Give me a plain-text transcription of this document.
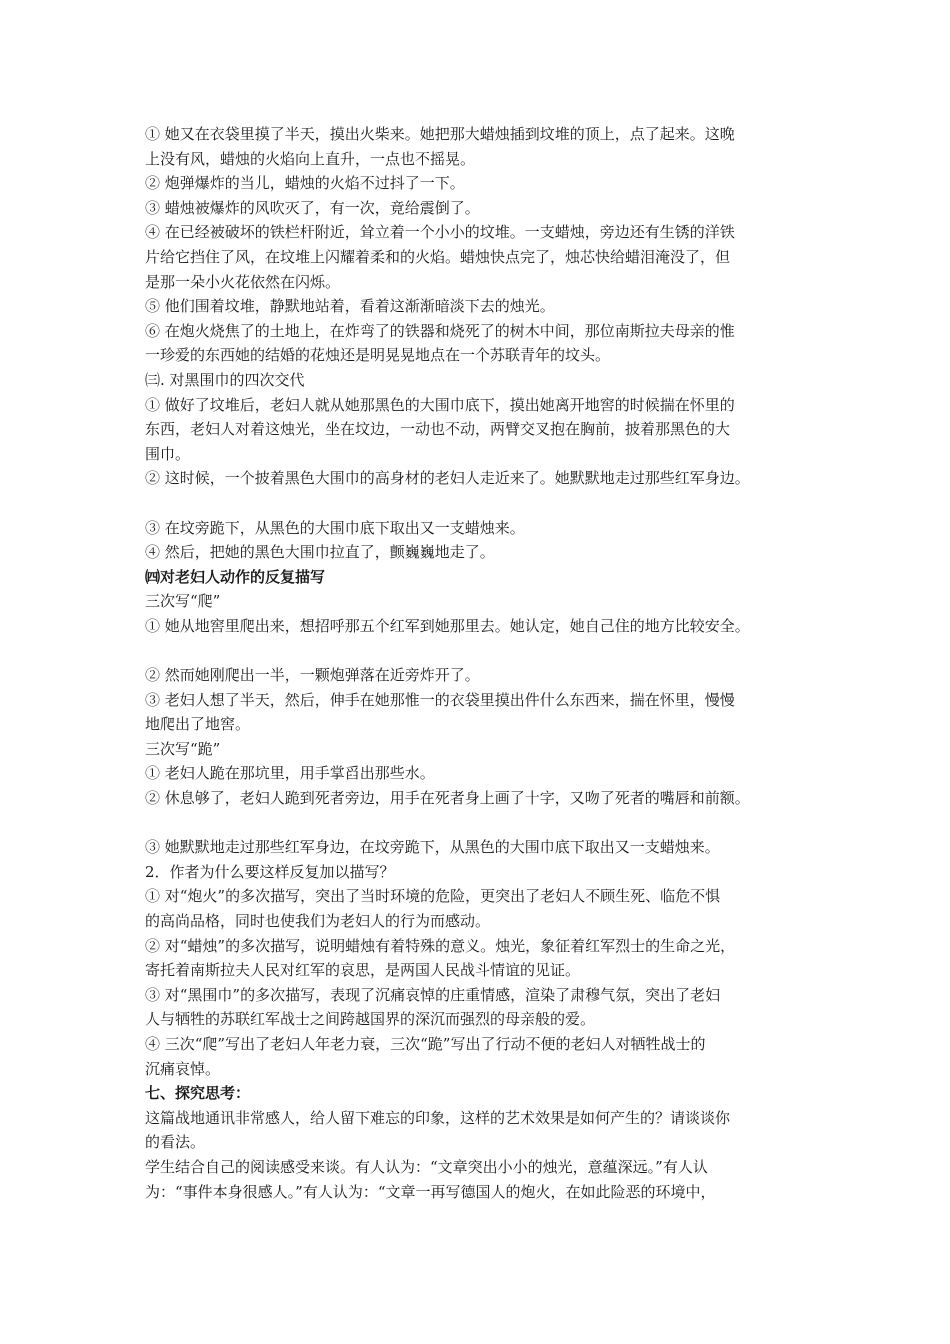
① 她又在衣袋里摸了半天，摸出火柴来。她把那大蜡烛插到坟堆的顶上，点了起来。这晚
上没有风，蜡烛的火焰向上直升，一点也不摇晃。
② 炮弹爆炸的当儿，蜡烛的火焰不过抖了一下。
③ 蜡烛被爆炸的风吹灭了，有一次，竟给震倒了。
④ 在已经被破坏的铁栏杆附近，耸立着一个小小的坟堆。一支蜡烛，旁边还有生锈的洋铁
片给它挡住了风，在坟堆上闪耀着柔和的火焰。蜡烛快点完了，烛芯快给蜡泪淹没了，但
是那一朵小火花依然在闪烁。
⑤ 他们围着坟堆，静默地站着，看着这渐渐暗淡下去的烛光。
⑥ 在炮火烧焦了的土地上，在炸弯了的铁器和烧死了的树木中间，那位南斯拉夫母亲的惟
一珍爱的东西她的结婚的花烛还是明晃晃地点在一个苏联青年的坟头。
㈢. 对黑围巾的四次交代
① 做好了坟堆后，老妇人就从她那黑色的大围巾底下，摸出她离开地窖的时候揣在怀里的
东西，老妇人对着这烛光，坐在坟边，一动也不动，两臂交叉抱在胸前，披着那黑色的大
围巾。
② 这时候，一个披着黑色大围巾的高身材的老妇人走近来了。她默默地走过那些红军身边。
③ 在坟旁跪下，从黑色的大围巾底下取出又一支蜡烛来。
④ 然后，把她的黑色大围巾拉直了，颤巍巍地走了。
㈣对老妇人动作的反复描写
三次写“爬”
① 她从地窖里爬出来，想招呼那五个红军到她那里去。她认定，她自己住的地方比较安全。
② 然而她刚爬出一半，一颗炮弹落在近旁炸开了。
③ 老妇人想了半天，然后，伸手在她那惟一的衣袋里摸出件什么东西来，揣在怀里，慢慢
地爬出了地窖。
三次写“跪”
① 老妇人跪在那坑里，用手掌舀出那些水。
② 休息够了，老妇人跪到死者旁边，用手在死者身上画了十字，又吻了死者的嘴唇和前额。
③ 她默默地走过那些红军身边，在坟旁跪下，从黑色的大围巾底下取出又一支蜡烛来。
2．作者为什么要这样反复加以描写？
① 对“炮火”的多次描写，突出了当时环境的危险，更突出了老妇人不顾生死、临危不惧
的高尚品格，同时也使我们为老妇人的行为而感动。
② 对“蜡烛”的多次描写，说明蜡烛有着特殊的意义。烛光，象征着红军烈士的生命之光，
寄托着南斯拉夫人民对红军的哀思，是两国人民战斗情谊的见证。
③ 对“黑围巾”的多次描写，表现了沉痛哀悼的庄重情感，渲染了肃穆气氛，突出了老妇
人与牺牲的苏联红军战士之间跨越国界的深沉而强烈的母亲般的爱。
④ 三次“爬”写出了老妇人年老力衰，三次“跪”写出了行动不便的老妇人对牺牲战士的
沉痛哀悼。
七、探究思考：
这篇战地通讯非常感人，给人留下难忘的印象，这样的艺术效果是如何产生的？请谈谈你
的看法。
学生结合自己的阅读感受来谈。有人认为：“文章突出小小的烛光，意蕴深远。”有人认
为：“事件本身很感人。”有人认为：“文章一再写德国人的炮火，在如此险恶的环境中，
